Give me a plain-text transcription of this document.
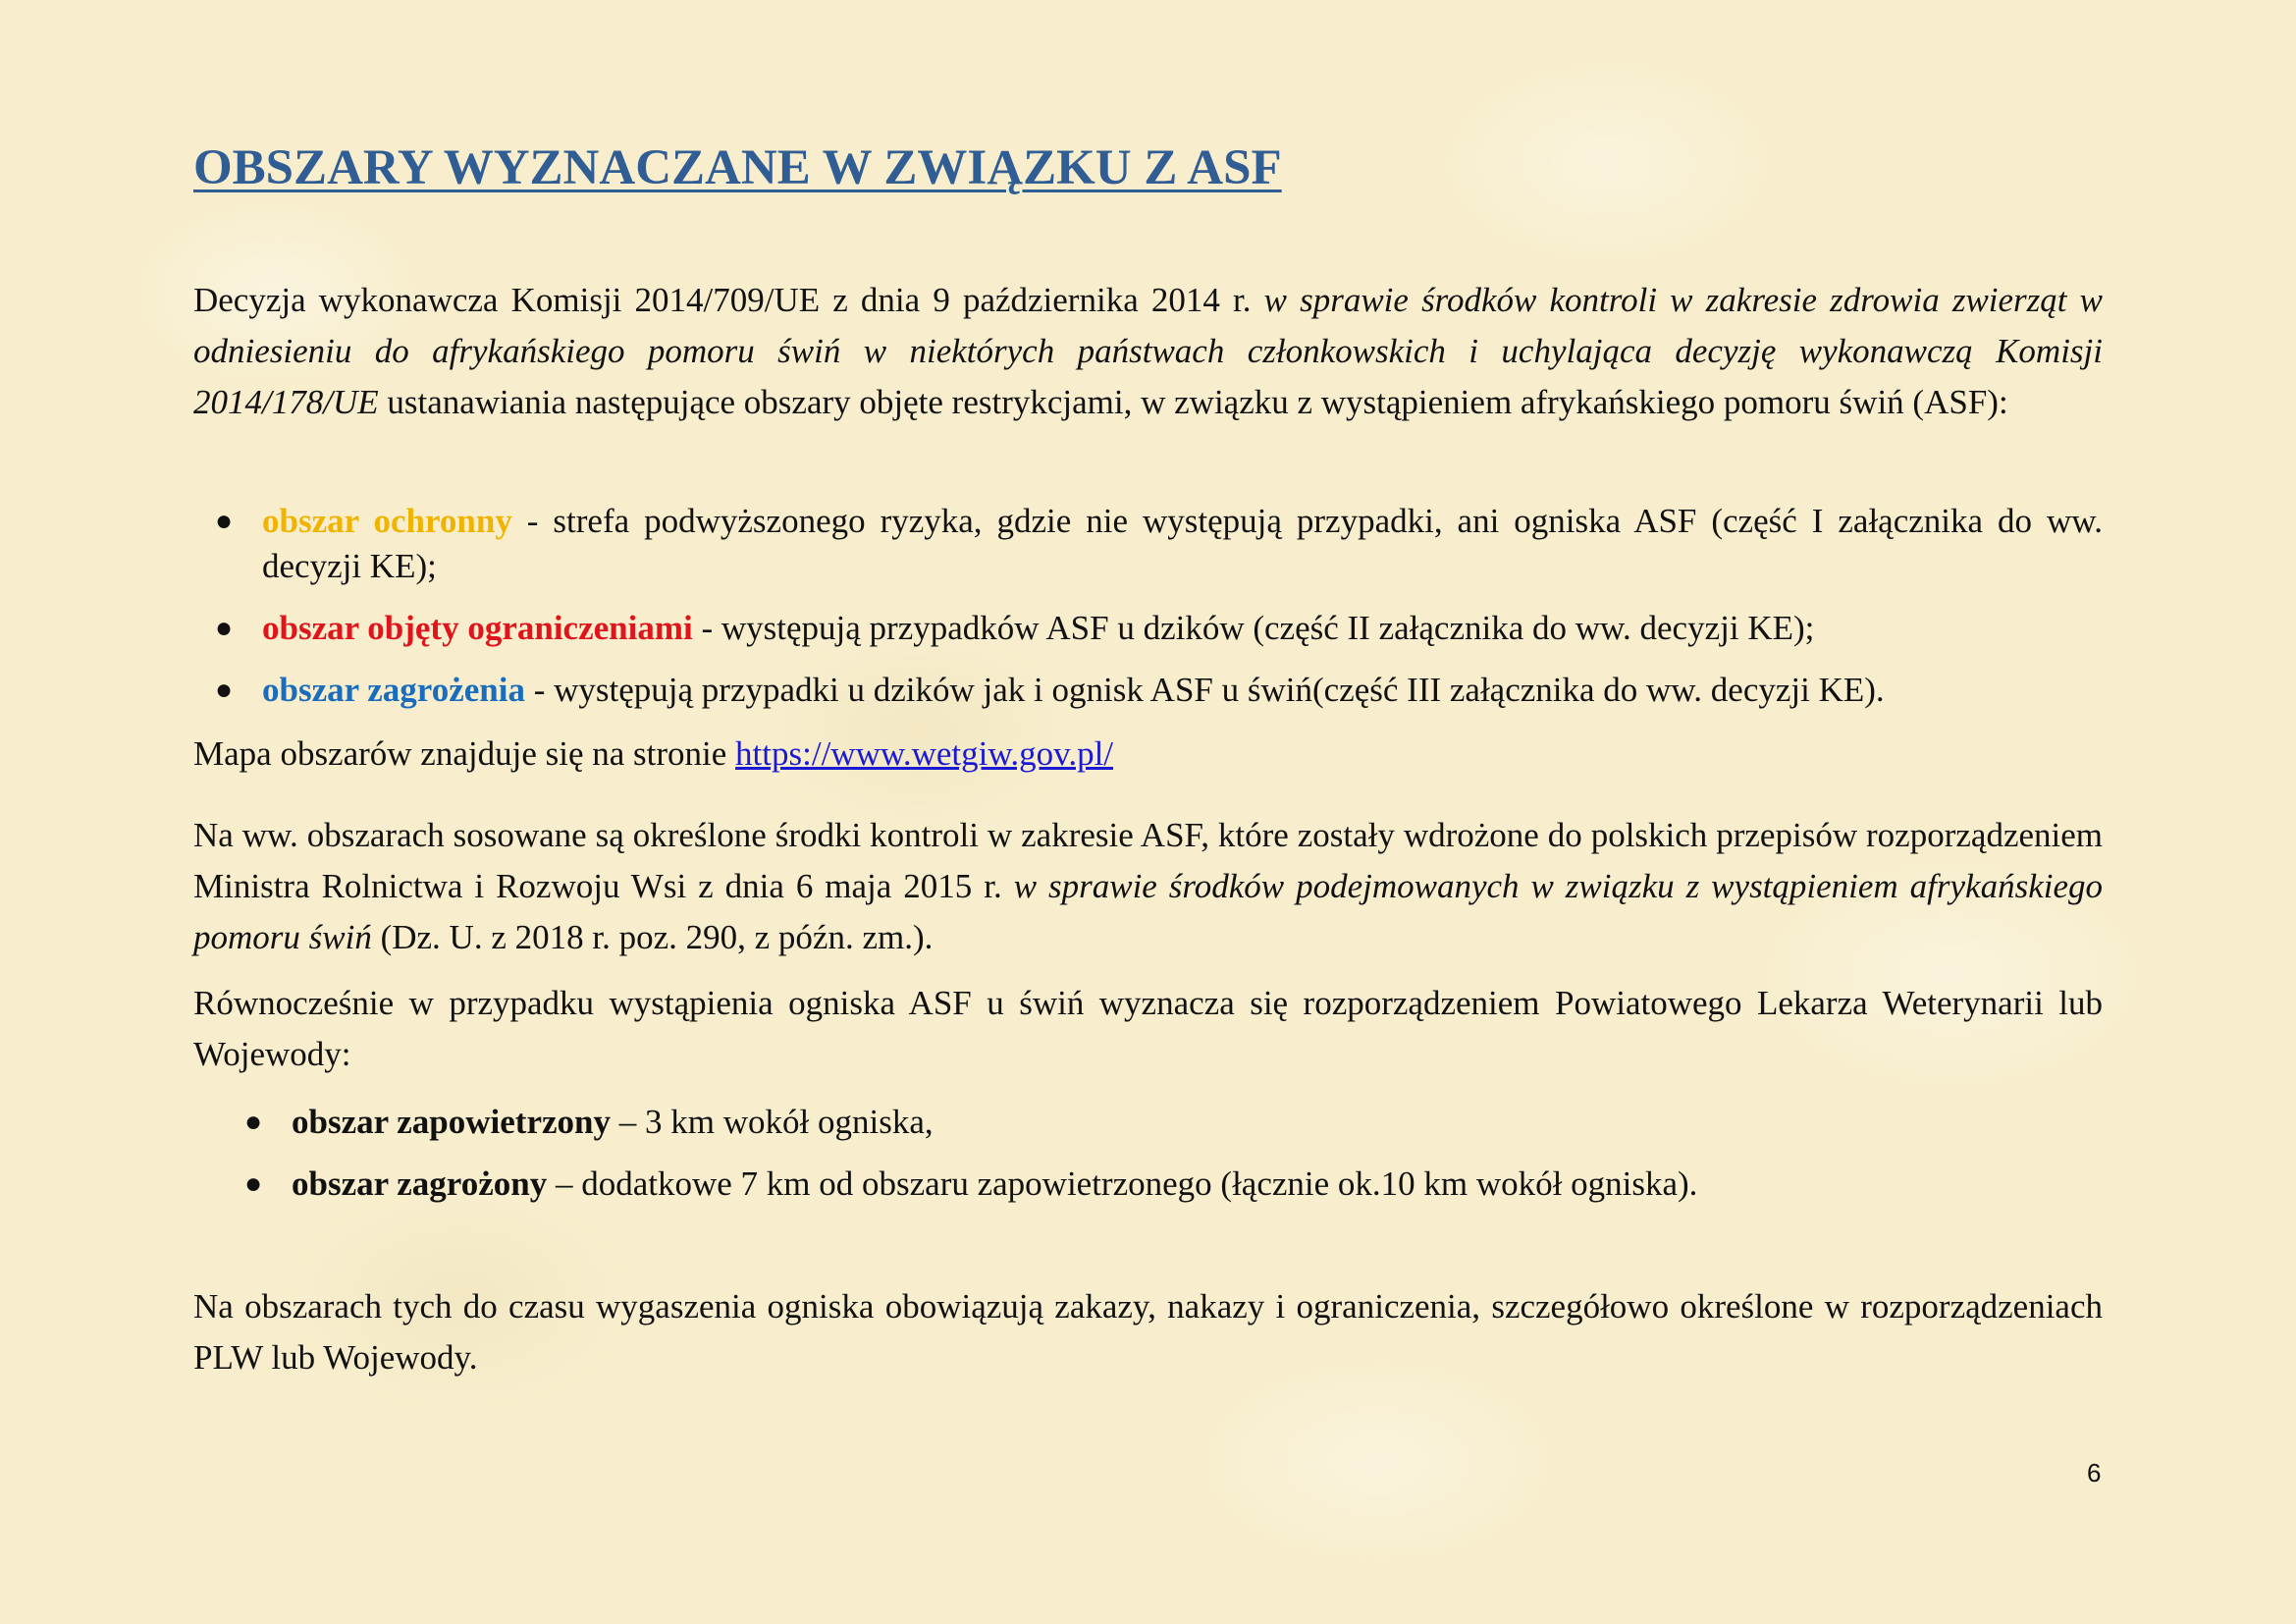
OBSZARY WYZNACZANE W ZWIĄZKU Z ASF

Decyzja wykonawcza Komisji 2014/709/UE z dnia 9 października 2014 r. w sprawie środków kontroli w zakresie zdrowia zwierząt w odniesieniu do afrykańskiego pomoru świń w niektórych państwach członkowskich i uchylająca decyzję wykonawczą Komisji 2014/178/UE ustanawiania następujące obszary objęte restrykcjami, w związku z wystąpieniem afrykańskiego pomoru świń (ASF):

● obszar ochronny - strefa podwyższonego ryzyka, gdzie nie występują przypadki, ani ogniska ASF (część I załącznika do ww. decyzji KE);
● obszar objęty ograniczeniami - występują przypadków ASF u dzików (część II załącznika do ww. decyzji KE);
● obszar zagrożenia - występują przypadki u dzików jak i ognisk ASF u świń(część III załącznika do ww. decyzji KE).

Mapa obszarów znajduje się na stronie https://www.wetgiw.gov.pl/

Na ww. obszarach sosowane są określone środki kontroli w zakresie ASF, które zostały wdrożone do polskich przepisów rozporządzeniem Ministra Rolnictwa i Rozwoju Wsi z dnia 6 maja 2015 r. w sprawie środków podejmowanych w związku z wystąpieniem afrykańskiego pomoru świń (Dz. U. z 2018 r. poz. 290, z późn. zm.).

Równocześnie w przypadku wystąpienia ogniska ASF u świń wyznacza się rozporządzeniem Powiatowego Lekarza Weterynarii lub Wojewody:

● obszar zapowietrzony – 3 km wokół ogniska,
● obszar zagrożony – dodatkowe 7 km od obszaru zapowietrzonego (łącznie ok.10 km wokół ogniska).

Na obszarach tych do czasu wygaszenia ogniska obowiązują zakazy, nakazy i ograniczenia, szczegółowo określone w rozporządzeniach PLW lub Wojewody.

6
